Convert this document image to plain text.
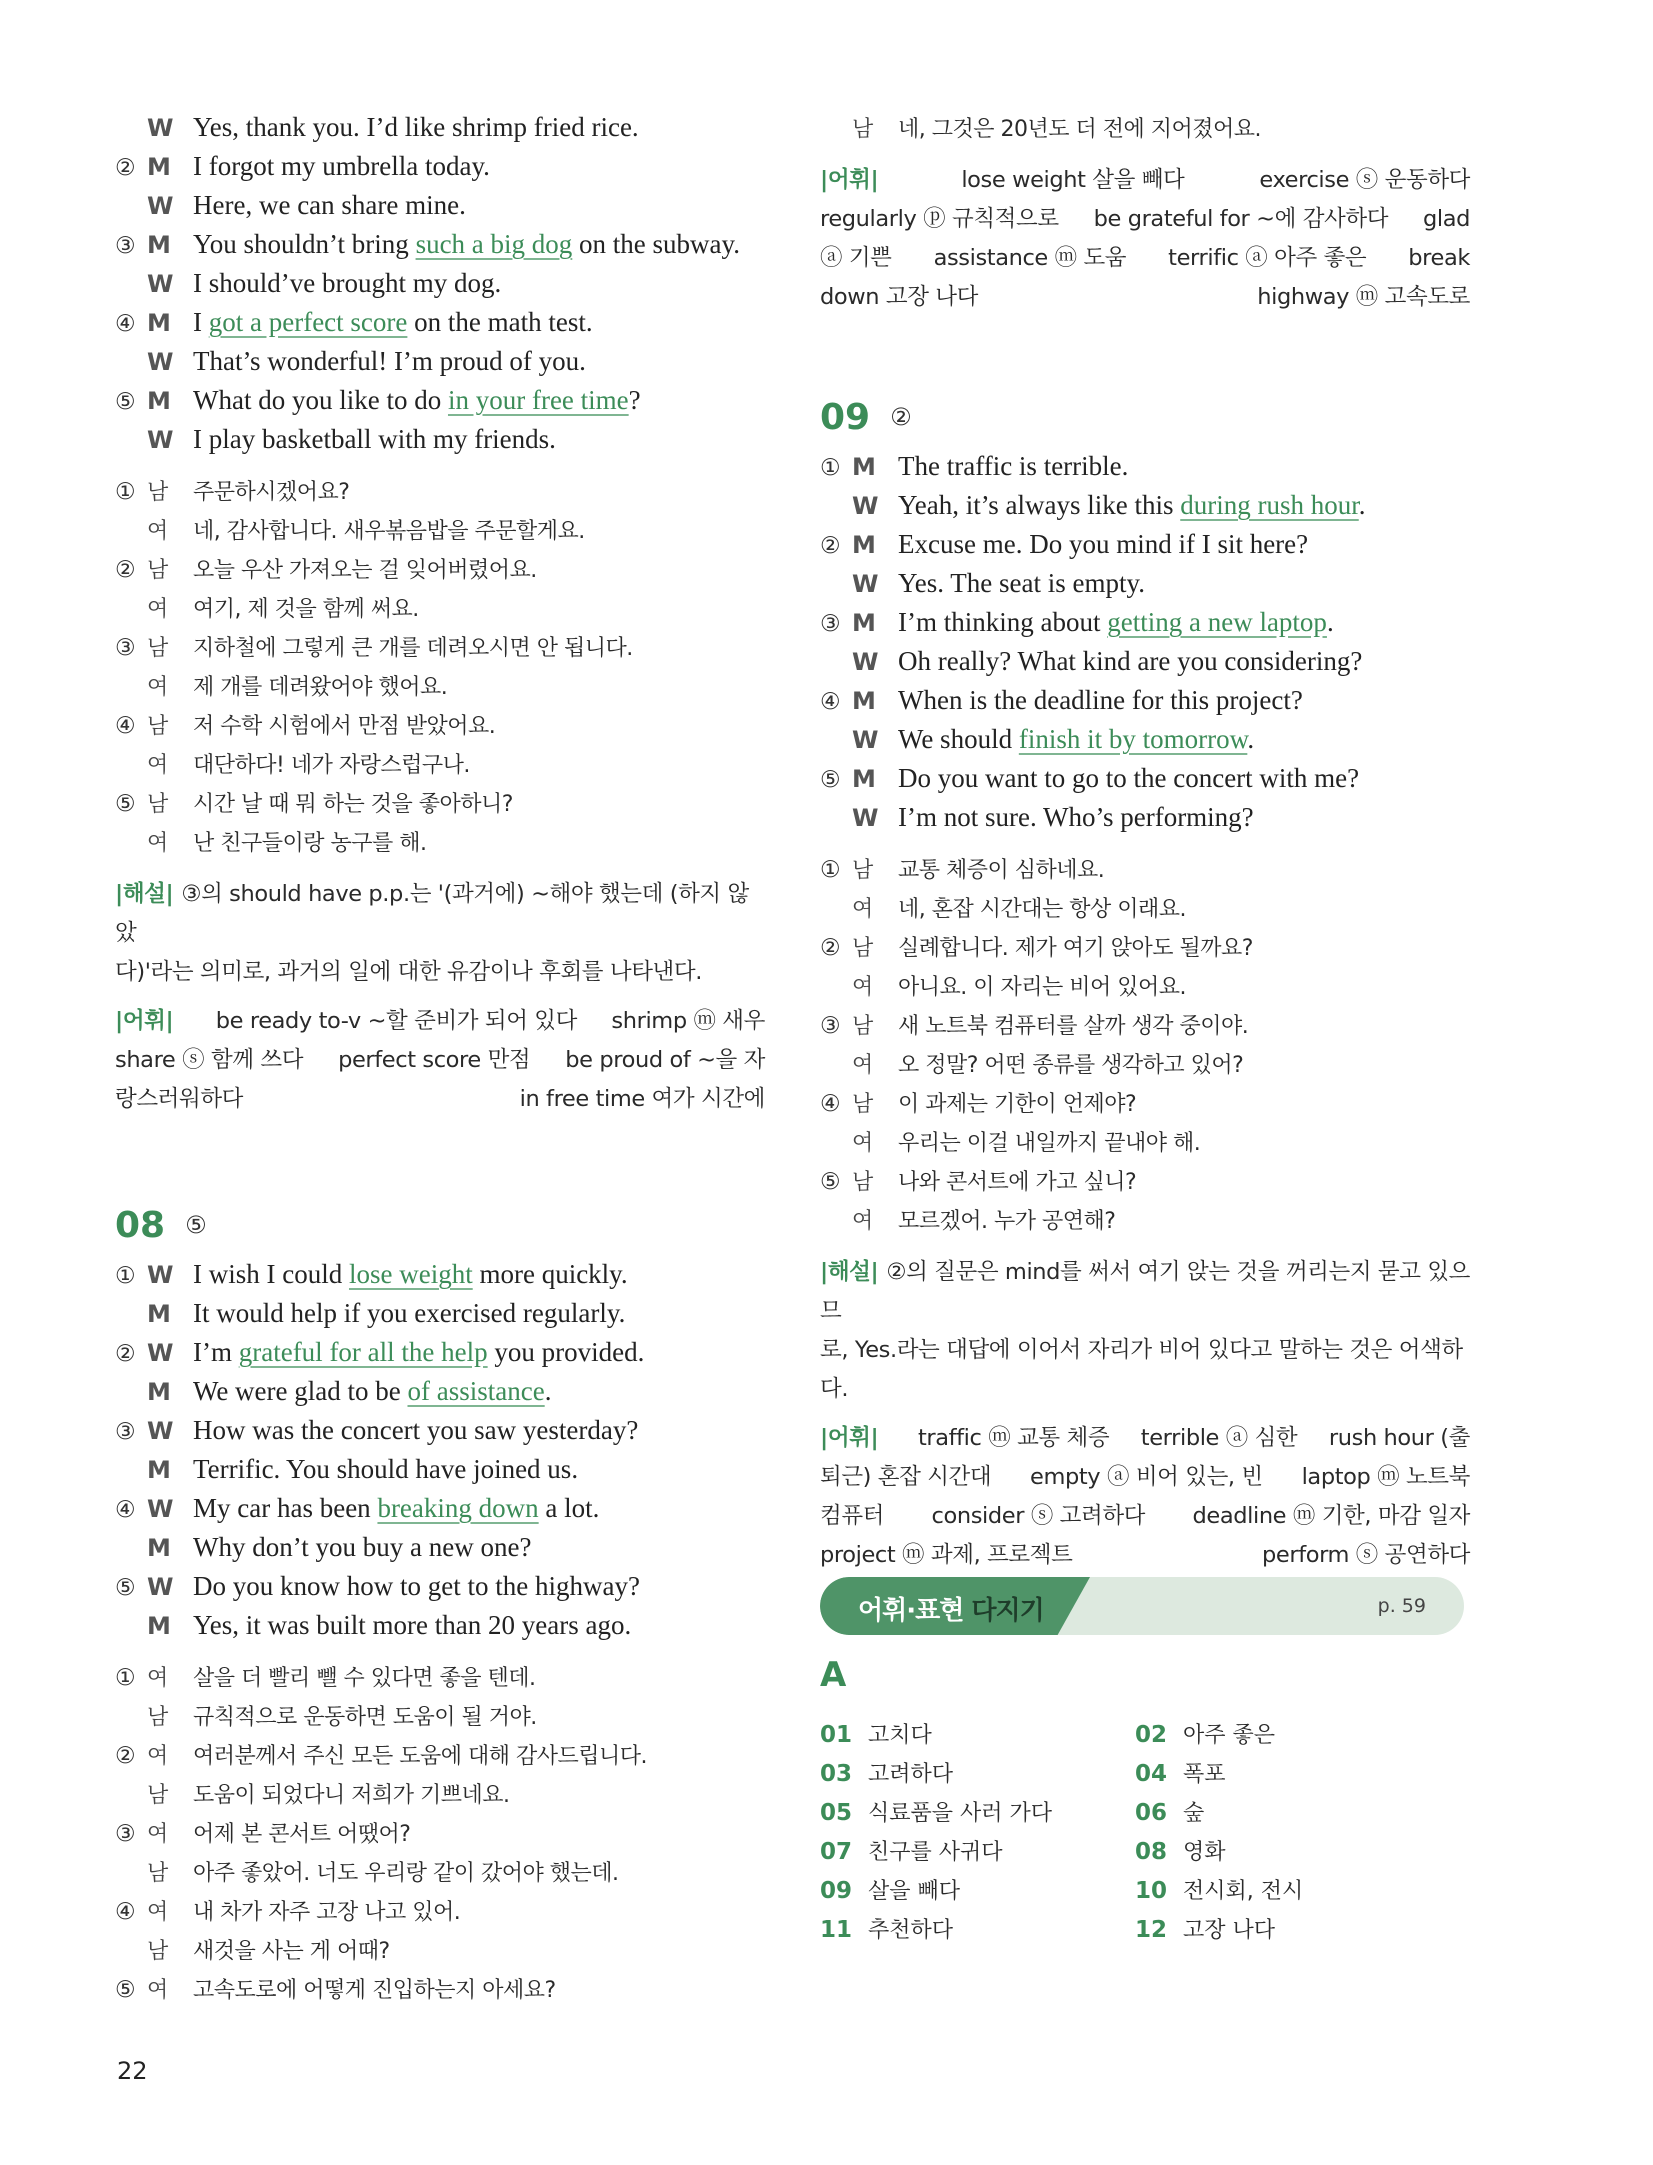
W Yes, thank you. I’d like shrimp fried rice.
② M I forgot my umbrella today.
W Here, we can share mine.
③ M You shouldn’t bring such a big dog on the subway.
W I should’ve brought my dog.
④ M I got a perfect score on the math test.
W That’s wonderful! I’m proud of you.
⑤ M What do you like to do in your free time?
W I play basketball with my friends.
① 남	주문하시겠어요?
여	네, 감사합니다. 새우볶음밥을 주문할게요.
② 남	오늘 우산 가져오는 걸 잊어버렸어요.
여	여기, 제 것을 함께 써요.
③ 남	지하철에 그렇게 큰 개를 데려오시면 안 됩니다.
여	제 개를 데려왔어야 했어요.
④ 남	저 수학 시험에서 만점 받았어요.
여	대단하다! 네가 자랑스럽구나.
⑤ 남	시간 날 때 뭐 하는 것을 좋아하니?
여	난 친구들이랑 농구를 해.
|해설| ③의 should have p.p.는 '(과거에) ~해야 했는데 (하지 않았
다)'라는 의미로, 과거의 일에 대한 유감이나 후회를 나타낸다.
|어휘| be ready to-v ~할 준비가 되어 있다 shrimp ⓜ 새우
share ⓢ 함께 쓰다 perfect score 만점 be proud of ~을 자
랑스러워하다	in free time 여가 시간에
08 ⑤
① W I wish I could lose weight more quickly.
M It would help if you exercised regularly.
② W I’m grateful for all the help you provided.
M We were glad to be of assistance.
③ W How was the concert you saw yesterday?
M Terrific. You should have joined us.
④ W My car has been breaking down a lot.
M Why don’t you buy a new one?
⑤ W Do you know how to get to the highway?
M Yes, it was built more than 20 years ago.
① 여	살을 더 빨리 뺄 수 있다면 좋을 텐데.
남	규칙적으로 운동하면 도움이 될 거야.
② 여	여러분께서 주신 모든 도움에 대해 감사드립니다.
남	도움이 되었다니 저희가 기쁘네요.
③ 여	어제 본 콘서트 어땠어?
남	아주 좋았어. 너도 우리랑 같이 갔어야 했는데.
④ 여	내 차가 자주 고장 나고 있어.
남	새것을 사는 게 어때?
⑤ 여	고속도로에 어떻게 진입하는지 아세요?
남	네, 그것은 20년도 더 전에 지어졌어요.
|어휘|	lose weight 살을 빼다	exercise ⓢ 운동하다
regularly ⓟ 규칙적으로 be grateful for ~에 감사하다 glad
ⓐ 기쁜 assistance ⓜ 도움 terrific ⓐ 아주 좋은 break
down 고장 나다	highway ⓜ 고속도로
09 ②
① M The traffic is terrible.
W Yeah, it’s always like this during rush hour.
② M Excuse me. Do you mind if I sit here?
W Yes. The seat is empty.
③ M I’m thinking about getting a new laptop.
W Oh really? What kind are you considering?
④ M When is the deadline for this project?
W We should finish it by tomorrow.
⑤ M Do you want to go to the concert with me?
W I’m not sure. Who’s performing?
① 남	교통 체증이 심하네요.
여	네, 혼잡 시간대는 항상 이래요.
② 남	실례합니다. 제가 여기 앉아도 될까요?
여	아니요. 이 자리는 비어 있어요.
③ 남	새 노트북 컴퓨터를 살까 생각 중이야.
여	오 정말? 어떤 종류를 생각하고 있어?
④ 남	이 과제는 기한이 언제야?
여	우리는 이걸 내일까지 끝내야 해.
⑤ 남	나와 콘서트에 가고 싶니?
여	모르겠어. 누가 공연해?
|해설| ②의 질문은 mind를 써서 여기 앉는 것을 꺼리는지 묻고 있으므
로, Yes.라는 대답에 이어서 자리가 비어 있다고 말하는 것은 어색하다.
|어휘| traffic ⓜ 교통 체증 terrible ⓐ 심한 rush hour (출
퇴근) 혼잡 시간대 empty ⓐ 비어 있는, 빈 laptop ⓜ 노트북
컴퓨터 consider ⓢ 고려하다 deadline ⓜ 기한, 마감 일자
project ⓜ 과제, 프로젝트	perform ⓢ 공연하다
어휘·표현 다지기	p. 59
A
01 고치다	02 아주 좋은
03 고려하다	04 폭포
05 식료품을 사러 가다	06 숲
07 친구를 사귀다	08 영화
09 살을 빼다	10 전시회, 전시
11 추천하다	12 고장 나다
22
